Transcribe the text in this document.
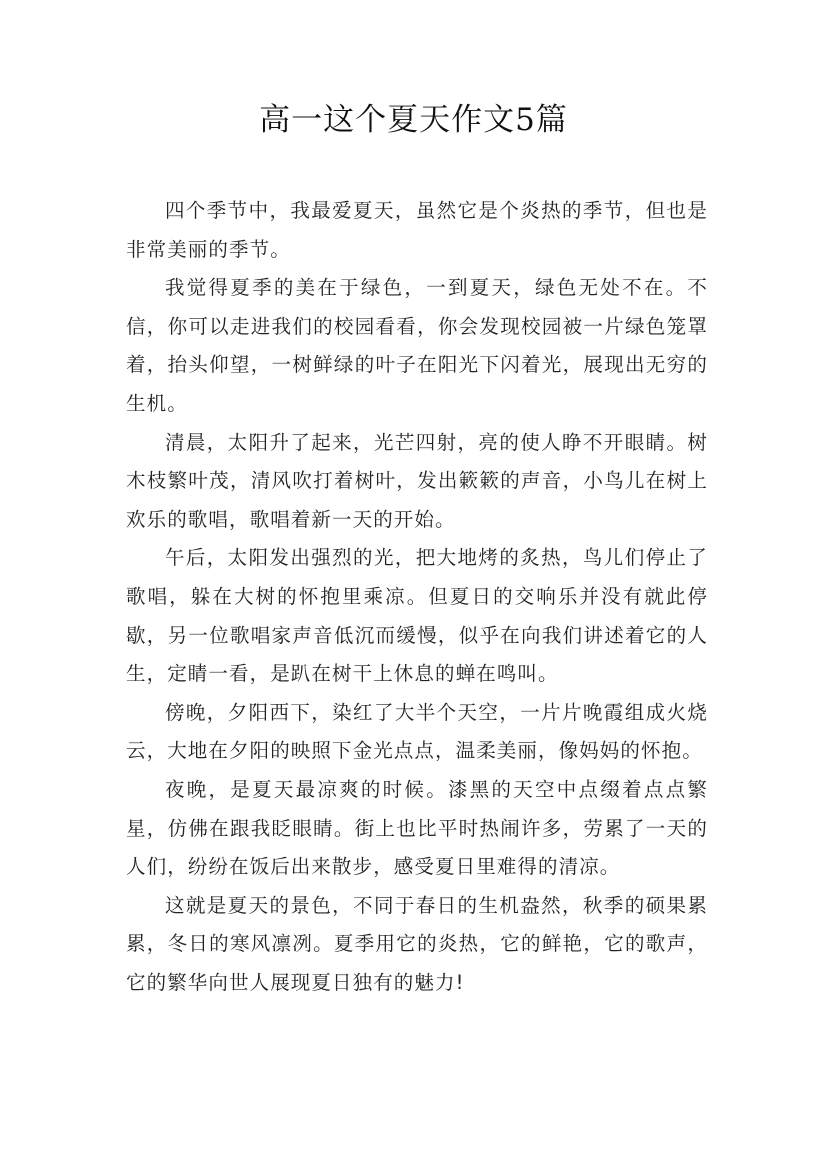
高一这个夏天作文5篇

四个季节中，我最爱夏天，虽然它是个炎热的季节，但也是非常美丽的季节。

我觉得夏季的美在于绿色，一到夏天，绿色无处不在。不信，你可以走进我们的校园看看，你会发现校园被一片绿色笼罩着，抬头仰望，一树鲜绿的叶子在阳光下闪着光，展现出无穷的生机。

清晨，太阳升了起来，光芒四射，亮的使人睁不开眼睛。树木枝繁叶茂，清风吹打着树叶，发出簌簌的声音，小鸟儿在树上欢乐的歌唱，歌唱着新一天的开始。

午后，太阳发出强烈的光，把大地烤的炙热，鸟儿们停止了歌唱，躲在大树的怀抱里乘凉。但夏日的交响乐并没有就此停歇，另一位歌唱家声音低沉而缓慢，似乎在向我们讲述着它的人生，定睛一看，是趴在树干上休息的蝉在鸣叫。

傍晚，夕阳西下，染红了大半个天空，一片片晚霞组成火烧云，大地在夕阳的映照下金光点点，温柔美丽，像妈妈的怀抱。

夜晚，是夏天最凉爽的时候。漆黑的天空中点缀着点点繁星，仿佛在跟我眨眼睛。街上也比平时热闹许多，劳累了一天的人们，纷纷在饭后出来散步，感受夏日里难得的清凉。

这就是夏天的景色，不同于春日的生机盎然，秋季的硕果累累，冬日的寒风凛冽。夏季用它的炎热，它的鲜艳，它的歌声，它的繁华向世人展现夏日独有的魅力!
